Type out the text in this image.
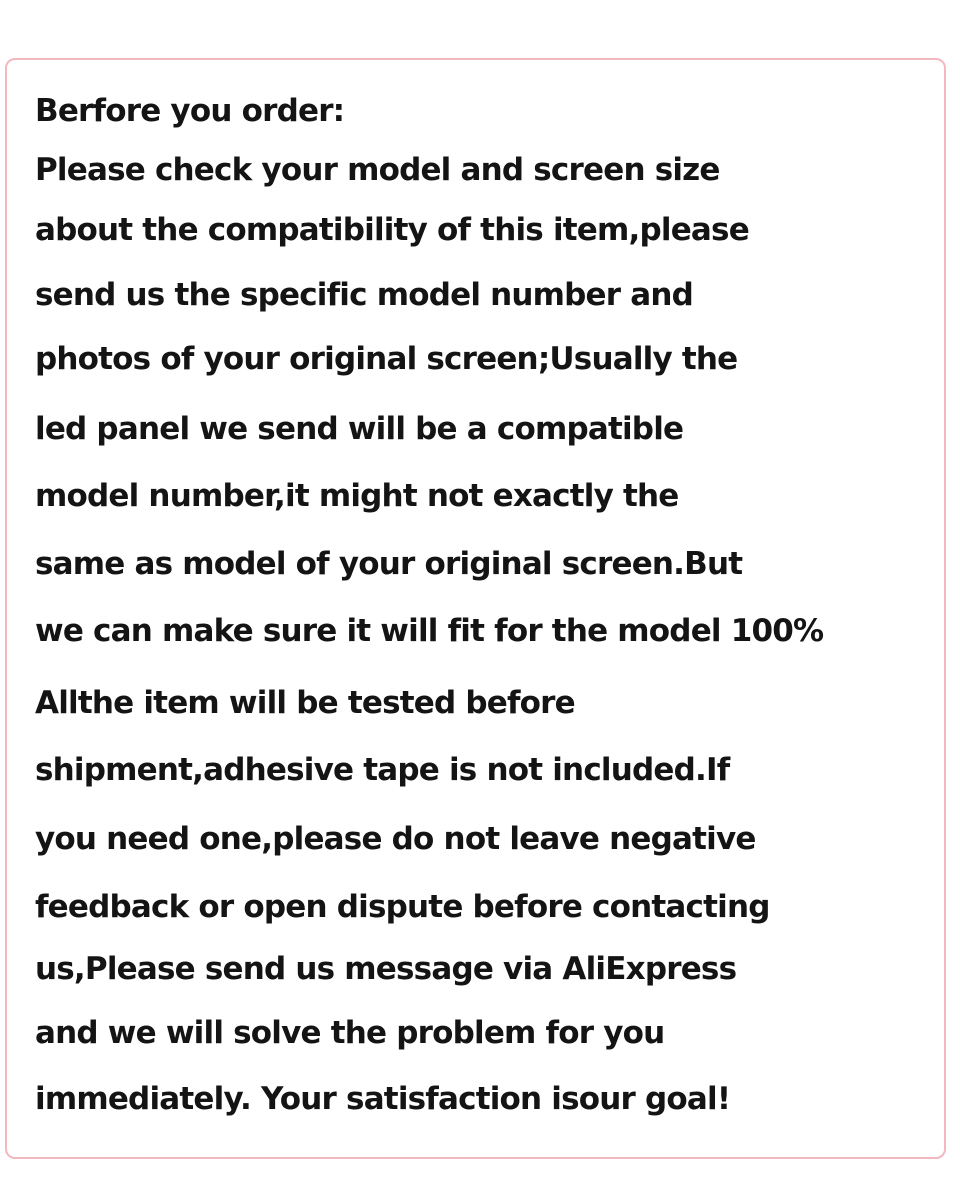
Berfore you order:

Please check your model and screen size

about the compatibility of this item,please

send us the specific model number and

photos of your original screen;Usually the

led panel we send will be a compatible

model number,it might not exactly the

same as model of your original screen.But

we can make sure it will fit for the model 100%

Allthe item will be tested before

shipment,adhesive tape is not included.If

you need one,please do not leave negative

feedback or open dispute before contacting

us,Please send us message via AliExpress

and we will solve the problem for you

immediately. Your satisfaction isour goal!
